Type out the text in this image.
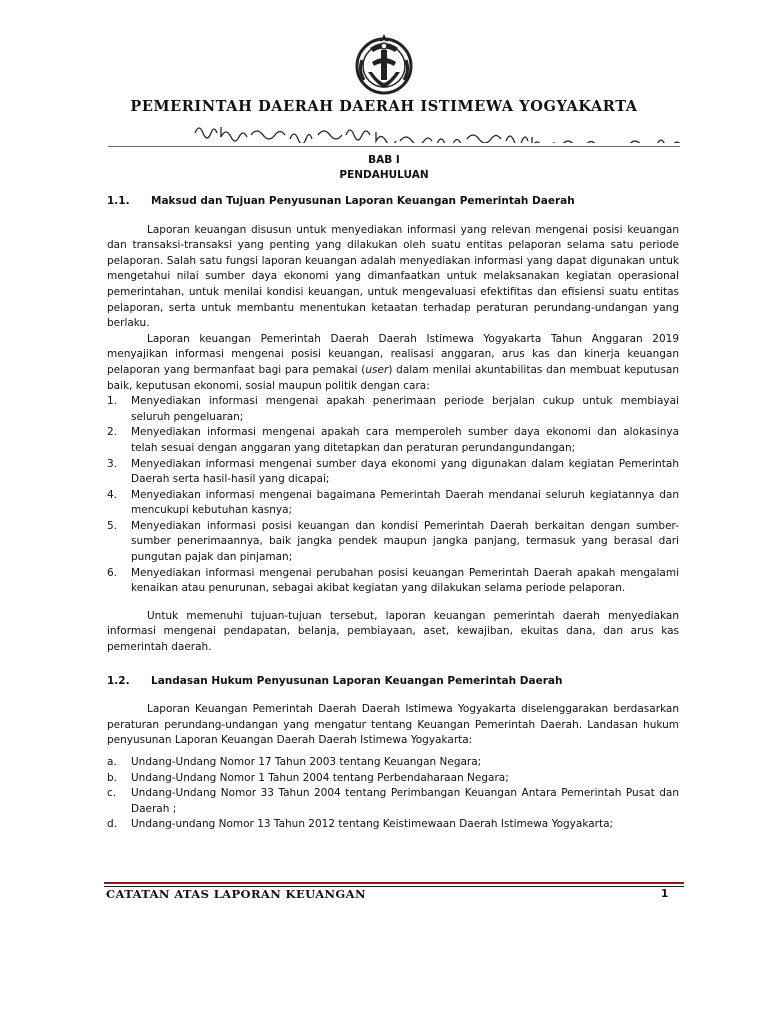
PEMERINTAH DAERAH DAERAH ISTIMEWA YOGYAKARTA
BAB I
PENDAHULUAN
1.1.	Maksud dan Tujuan Penyusunan Laporan Keuangan Pemerintah Daerah

Laporan keuangan disusun untuk menyediakan informasi yang relevan mengenai posisi keuangan dan transaksi-transaksi yang penting yang dilakukan oleh suatu entitas pelaporan selama satu periode pelaporan. Salah satu fungsi laporan keuangan adalah menyediakan informasi yang dapat digunakan untuk mengetahui nilai sumber daya ekonomi yang dimanfaatkan untuk melaksanakan kegiatan operasional pemerintahan, untuk menilai kondisi keuangan, untuk mengevaluasi efektifitas dan efisiensi suatu entitas pelaporan, serta untuk membantu menentukan ketaatan terhadap peraturan perundang-undangan yang berlaku.

Laporan keuangan Pemerintah Daerah Daerah Istimewa Yogyakarta Tahun Anggaran 2019 menyajikan informasi mengenai posisi keuangan, realisasi anggaran, arus kas dan kinerja keuangan pelaporan yang bermanfaat bagi para pemakai (user) dalam menilai akuntabilitas dan membuat keputusan baik, keputusan ekonomi, sosial maupun politik dengan cara:

1.	Menyediakan informasi mengenai apakah penerimaan periode berjalan cukup untuk membiayai seluruh pengeluaran;
2.	Menyediakan informasi mengenai apakah cara memperoleh sumber daya ekonomi dan alokasinya telah sesuai dengan anggaran yang ditetapkan dan peraturan perundangundangan;
3.	Menyediakan informasi mengenai sumber daya ekonomi yang digunakan dalam kegiatan Pemerintah Daerah serta hasil-hasil yang dicapai;
4.	Menyediakan informasi mengenai bagaimana Pemerintah Daerah mendanai seluruh kegiatannya dan mencukupi kebutuhan kasnya;
5.	Menyediakan informasi posisi keuangan dan kondisi Pemerintah Daerah berkaitan dengan sumber-sumber penerimaannya, baik jangka pendek maupun jangka panjang, termasuk yang berasal dari pungutan pajak dan pinjaman;
6.	Menyediakan informasi mengenai perubahan posisi keuangan Pemerintah Daerah apakah mengalami kenaikan atau penurunan, sebagai akibat kegiatan yang dilakukan selama periode pelaporan.

Untuk memenuhi tujuan-tujuan tersebut, laporan keuangan pemerintah daerah menyediakan informasi mengenai pendapatan, belanja, pembiayaan, aset, kewajiban, ekuitas dana, dan arus kas pemerintah daerah.

1.2.	Landasan Hukum Penyusunan Laporan Keuangan Pemerintah Daerah

Laporan Keuangan Pemerintah Daerah Daerah Istimewa Yogyakarta diselenggarakan berdasarkan peraturan perundang-undangan yang mengatur tentang Keuangan Pemerintah Daerah. Landasan hukum penyusunan Laporan Keuangan Daerah Daerah Istimewa Yogyakarta:

a.	Undang-Undang Nomor 17 Tahun 2003 tentang Keuangan Negara;
b.	Undang-Undang Nomor 1 Tahun 2004 tentang Perbendaharaan Negara;
c.	Undang-Undang Nomor 33 Tahun 2004 tentang Perimbangan Keuangan Antara Pemerintah Pusat dan Daerah ;
d.	Undang-undang Nomor 13 Tahun 2012 tentang Keistimewaan Daerah Istimewa Yogyakarta;
CATATAN ATAS LAPORAN KEUANGAN	1
